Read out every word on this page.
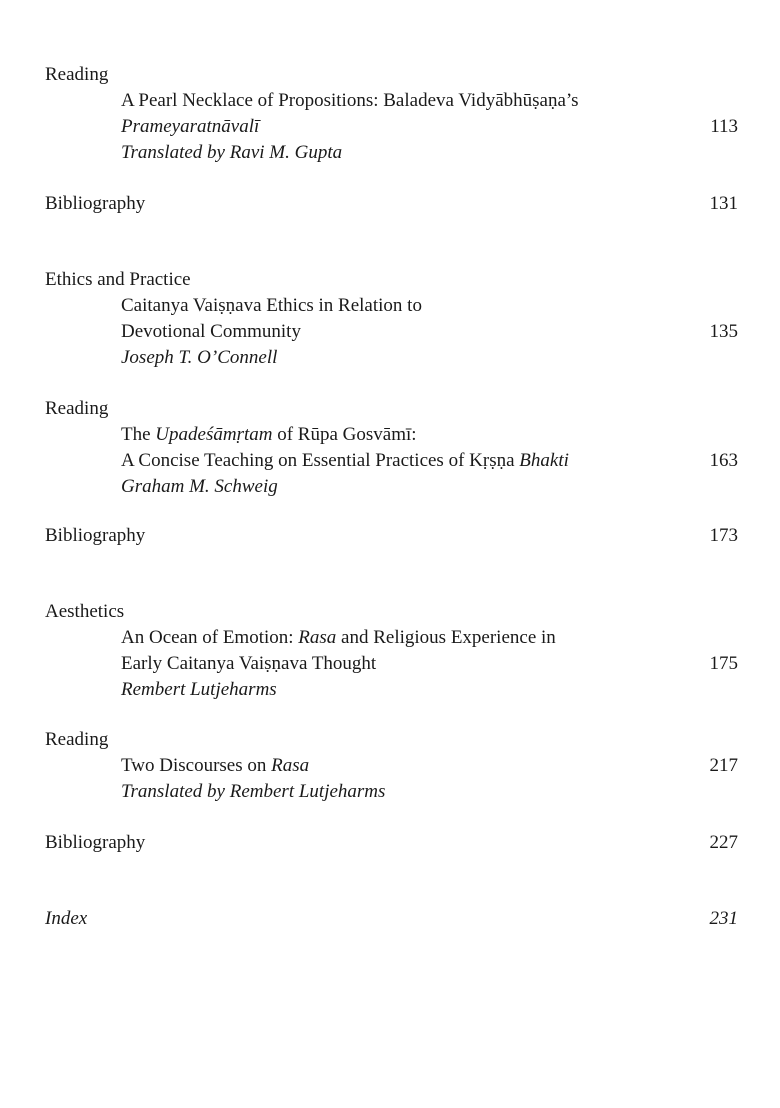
Reading
A Pearl Necklace of Propositions: Baladeva Vidyābhūṣaṇa’s
Prameyaratnāvalī	113
Translated by Ravi M. Gupta
Bibliography	131
Ethics and Practice
Caitanya Vaiṣṇava Ethics in Relation to
Devotional Community	135
Joseph T. O’Connell
Reading
The Upadeśāmṛtam of Rūpa Gosvāmī:
A Concise Teaching on Essential Practices of Kṛṣṇa Bhakti	163
Graham M. Schweig
Bibliography	173
Aesthetics
An Ocean of Emotion: Rasa and Religious Experience in
Early Caitanya Vaiṣṇava Thought	175
Rembert Lutjeharms
Reading
Two Discourses on Rasa	217
Translated by Rembert Lutjeharms
Bibliography	227
Index	231
